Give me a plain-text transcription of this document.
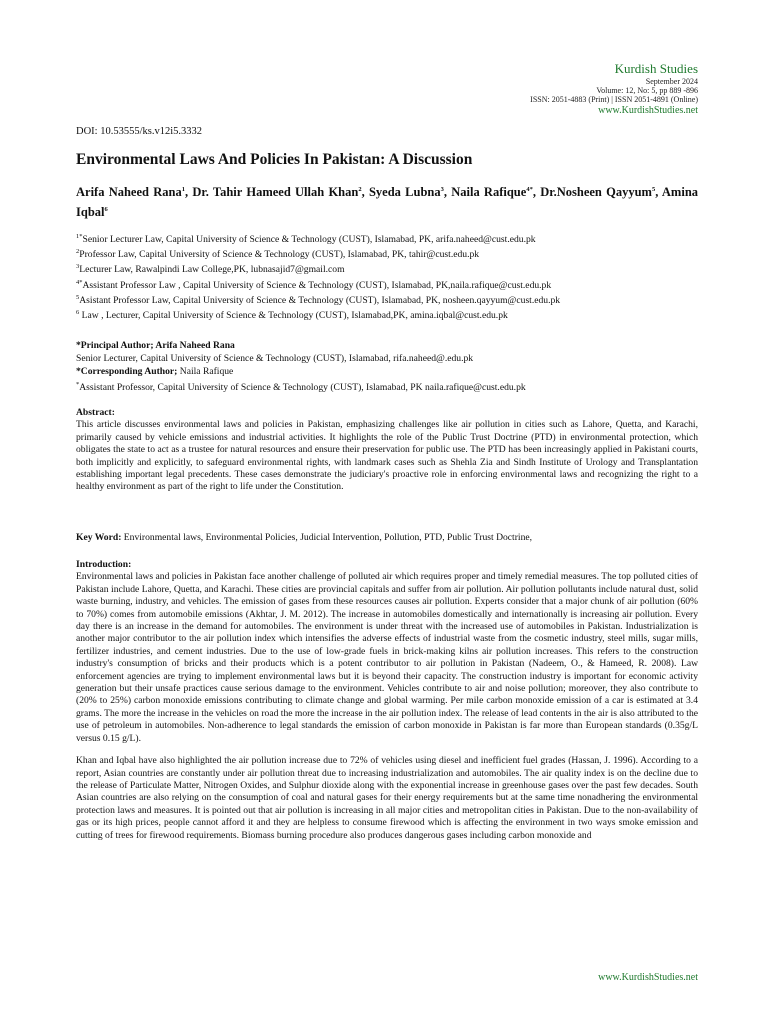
Kurdish Studies
September 2024
Volume: 12, No: 5, pp 889 -896
ISSN: 2051-4883 (Print) | ISSN 2051-4891 (Online)
www.KurdishStudies.net
DOI: 10.53555/ks.v12i5.3332
Environmental Laws And Policies In Pakistan: A Discussion
Arifa Naheed Rana$^1$, Dr. Tahir Hameed Ullah Khan$^2$, Syeda Lubna$^3$, Naila Rafique$^{4*}$, Dr.Nosheen Qayyum$^5$, Amina Iqbal$^6$
$^{1*}$Senior Lecturer Law, Capital University of Science & Technology (CUST), Islamabad, PK, arifa.naheed@cust.edu.pk
$^2$Professor Law, Capital University of Science & Technology (CUST), Islamabad, PK, tahir@cust.edu.pk
$^3$Lecturer Law, Rawalpindi Law College,PK, lubnasajid7@gmail.com
$^{4*}$Assistant Professor Law , Capital University of Science & Technology (CUST), Islamabad, PK,naila.rafique@cust.edu.pk
$^5$Asistant Professor Law, Capital University of Science & Technology (CUST), Islamabad, PK, nosheen.qayyum@cust.edu.pk
$^6$ Law , Lecturer, Capital University of Science & Technology (CUST), Islamabad,PK, amina.iqbal@cust.edu.pk
*Principal Author; Arifa Naheed Rana
Senior Lecturer, Capital University of Science & Technology (CUST), Islamabad, rifa.naheed@.edu.pk
*Corresponding Author; Naila Rafique
*Assistant Professor, Capital University of Science & Technology (CUST), Islamabad, PK naila.rafique@cust.edu.pk
Abstract:

This article discusses environmental laws and policies in Pakistan, emphasizing challenges like air pollution in cities such as Lahore, Quetta, and Karachi, primarily caused by vehicle emissions and industrial activities. It highlights the role of the Public Trust Doctrine (PTD) in environmental protection, which obligates the state to act as a trustee for natural resources and ensure their preservation for public use. The PTD has been increasingly applied in Pakistani courts, both implicitly and explicitly, to safeguard environmental rights, with landmark cases such as Shehla Zia and Sindh Institute of Urology and Transplantation establishing important legal precedents. These cases demonstrate the judiciary's proactive role in enforcing environmental laws and recognizing the right to a healthy environment as part of the right to life under the Constitution.

Key Word: Environmental laws, Environmental Policies, Judicial Intervention, Pollution, PTD, Public Trust Doctrine,
Introduction:

Environmental laws and policies in Pakistan face another challenge of polluted air which requires proper and timely remedial measures. The top polluted cities of Pakistan include Lahore, Quetta, and Karachi. These cities are provincial capitals and suffer from air pollution. Air pollution pollutants include natural dust, solid waste burning, industry, and vehicles. The emission of gases from these resources causes air pollution. Experts consider that a major chunk of air pollution (60% to 70%) comes from automobile emissions (Akhtar, J. M. 2012). The increase in automobiles domestically and internationally is increasing air pollution. Every day there is an increase in the demand for automobiles. The environment is under threat with the increased use of automobiles in Pakistan. Industrialization is another major contributor to the air pollution index which intensifies the adverse effects of industrial waste from the cosmetic industry, steel mills, sugar mills, fertilizer industries, and cement industries. Due to the use of low-grade fuels in brick-making kilns air pollution increases. This refers to the construction industry's consumption of bricks and their products which is a potent contributor to air pollution in Pakistan (Nadeem, O., & Hameed, R. 2008). Law enforcement agencies are trying to implement environmental laws but it is beyond their capacity. The construction industry is important for economic activity generation but their unsafe practices cause serious damage to the environment. Vehicles contribute to air and noise pollution; moreover, they also contribute to (20% to 25%) carbon monoxide emissions contributing to climate change and global warming. Per mile carbon monoxide emission of a car is estimated at 3.4 grams. The more the increase in the vehicles on road the more the increase in the air pollution index. The release of lead contents in the air is also attributed to the use of petroleum in automobiles. Non-adherence to legal standards the emission of carbon monoxide in Pakistan is far more than European standards (0.35g/L versus 0.15 g/L).

Khan and Iqbal have also highlighted the air pollution increase due to 72% of vehicles using diesel and inefficient fuel grades (Hassan, J. 1996). According to a report, Asian countries are constantly under air pollution threat due to increasing industrialization and automobiles. The air quality index is on the decline due to the release of Particulate Matter, Nitrogen Oxides, and Sulphur dioxide along with the exponential increase in greenhouse gases over the past few decades. South Asian countries are also relying on the consumption of coal and natural gases for their energy requirements but at the same time nonadhering the environmental protection laws and measures. It is pointed out that air pollution is increasing in all major cities and metropolitan cities in Pakistan. Due to the non-availability of gas or its high prices, people cannot afford it and they are helpless to consume firewood which is affecting the environment in two ways smoke emission and cutting of trees for firewood requirements. Biomass burning procedure also produces dangerous gases including carbon monoxide and

www.KurdishStudies.net
